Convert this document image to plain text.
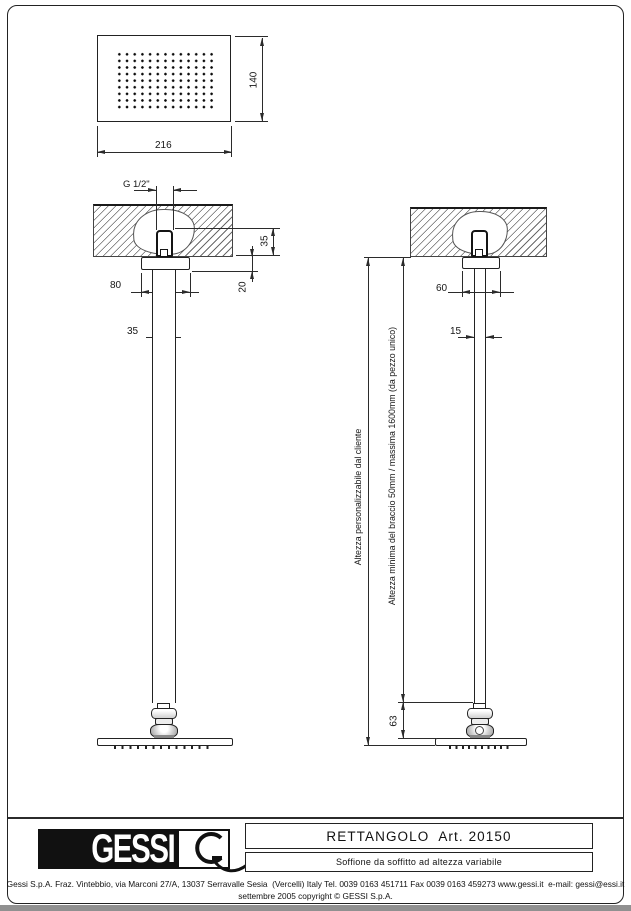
140
216
G 1/2"
35
20
80
35
60
15
Altezza personalizzabile dal cliente	Altezza minima del braccio 50mm / massima 1600mm (da pezzo unico)
63
GESSI	RETTANGOLO  Art. 20150
Soffione da soffitto ad altezza variabile
Gessi S.p.A. Fraz. Vintebbio, via Marconi 27/A, 13037 Serravalle Sesia  (Vercelli) Italy Tel. 0039 0163 451711 Fax 0039 0163 459273 www.gessi.it  e-mail: gessi@essi.it
settembre 2005 copyright © GESSI S.p.A.
